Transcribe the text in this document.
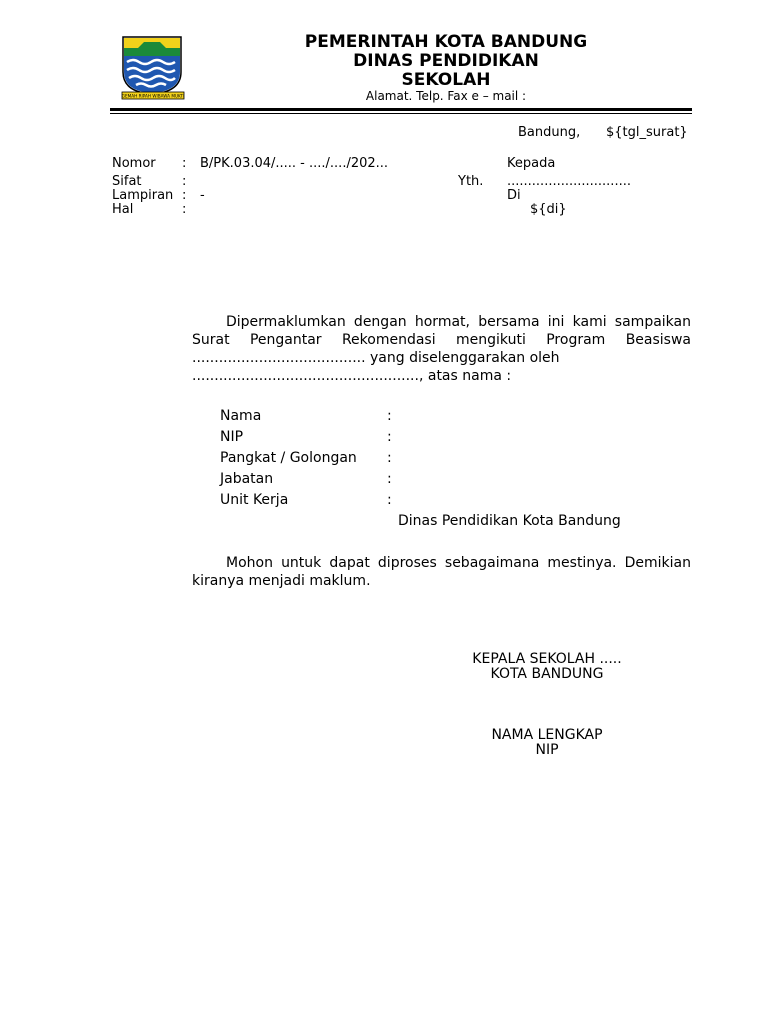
GEMAH RIPAH WIBAWA MUKTI
PEMERINTAH KOTA BANDUNG
DINAS PENDIDIKAN
SEKOLAH
Alamat. Telp. Fax e – mail :
Bandung, ${tgl_surat}
Nomor : B/PK.03.04/..... - ..../..../202...
Sifat	:
Lampiran : -
Hal	:
Kepada
Yth. ..............................
Di
${di}

Dipermaklumkan dengan hormat, bersama ini kami sampaikan Surat Pengantar Rekomendasi mengikuti Program Beasiswa ....................................... yang diselenggarakan oleh

..................................................., atas nama :

Nama	:
NIP	:
Pangkat / Golongan :
Jabatan	:
Unit Kerja	:
Dinas Pendidikan Kota Bandung

Mohon untuk dapat diproses sebagaimana mestinya. Demikian kiranya menjadi maklum.

KEPALA SEKOLAH .....
KOTA BANDUNG
NAMA LENGKAP
NIP
